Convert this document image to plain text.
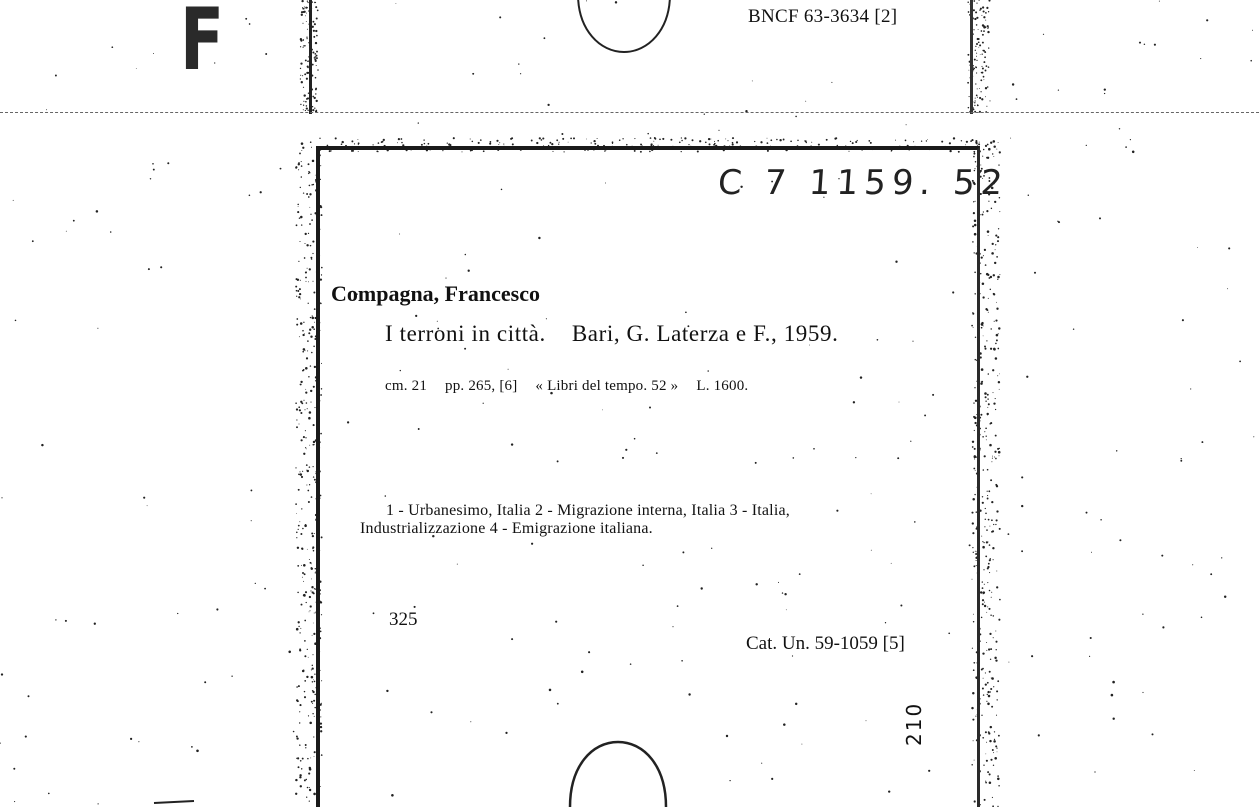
BNCF 63-3634 [2]
F
C 7 1159. 52
Compagna, Francesco
I terroni in città. Bari, G. Laterza e F., 1959.
cm. 21 pp. 265, [6] « Libri del tempo. 52 » L. 1600.
1 - Urbanesimo, Italia 2 - Migrazione interna, Italia 3 - Italia,
Industrializzazione 4 - Emigrazione italiana.
325
Cat. Un. 59-1059 [5]
210
